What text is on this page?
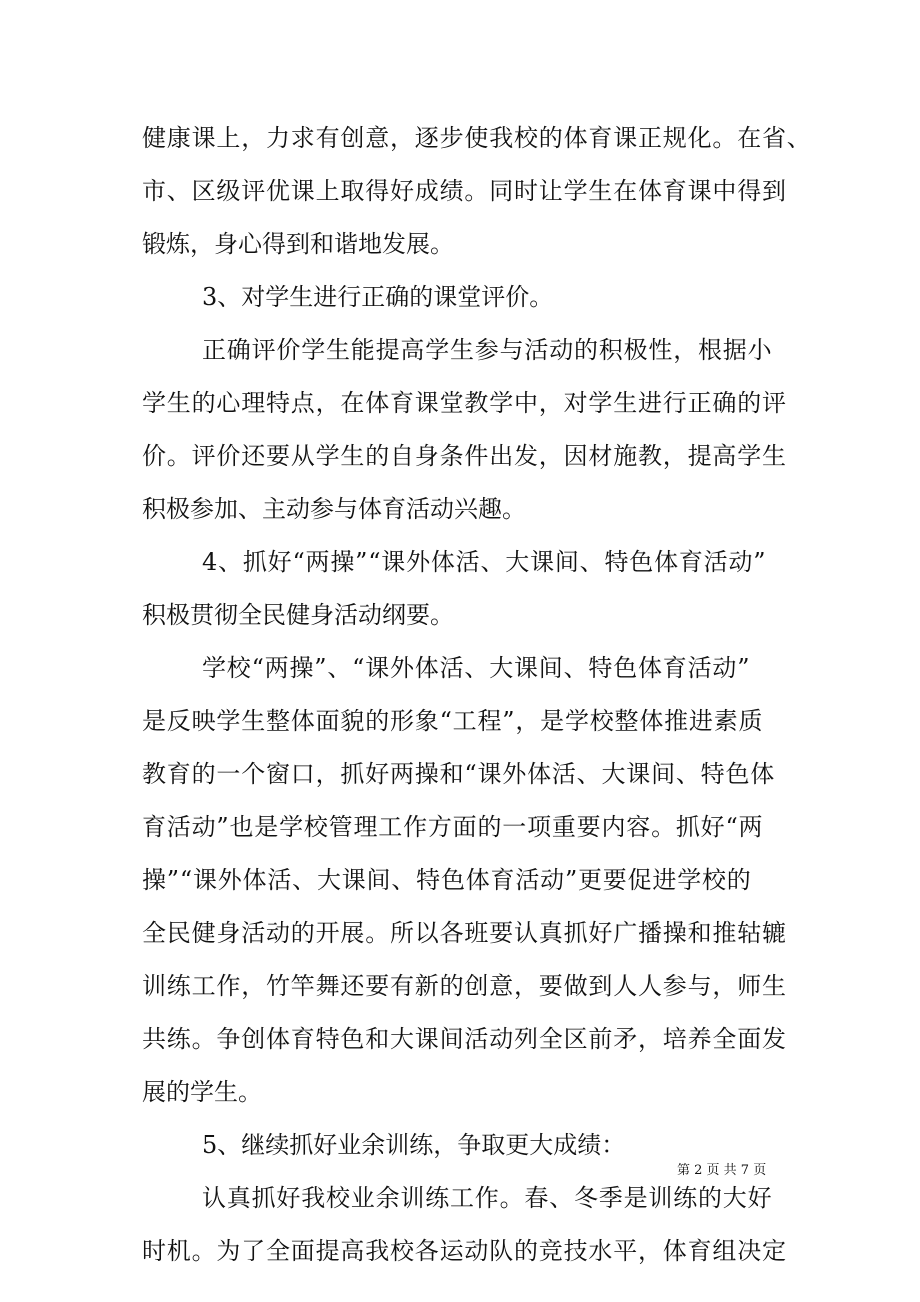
健康课上，力求有创意，逐步使我校的体育课正规化。在省、
市、区级评优课上取得好成绩。同时让学生在体育课中得到
锻炼，身心得到和谐地发展。
3、对学生进行正确的课堂评价。
正确评价学生能提高学生参与活动的积极性，根据小
学生的心理特点，在体育课堂教学中，对学生进行正确的评
价。评价还要从学生的自身条件出发，因材施教，提高学生
积极参加、主动参与体育活动兴趣。
4、抓好“两操”“课外体活、大课间、特色体育活动”
积极贯彻全民健身活动纲要。
学校“两操”、“课外体活、大课间、特色体育活动”
是反映学生整体面貌的形象“工程”，是学校整体推进素质
教育的一个窗口，抓好两操和“课外体活、大课间、特色体
育活动”也是学校管理工作方面的一项重要内容。抓好“两
操”“课外体活、大课间、特色体育活动”更要促进学校的
全民健身活动的开展。所以各班要认真抓好广播操和推轱辘
训练工作，竹竿舞还要有新的创意，要做到人人参与，师生
共练。争创体育特色和大课间活动列全区前矛，培养全面发
展的学生。
5、继续抓好业余训练，争取更大成绩：
认真抓好我校业余训练工作。春、冬季是训练的大好
时机。为了全面提高我校各运动队的竞技水平，体育组决定
第 2 页 共 7 页
